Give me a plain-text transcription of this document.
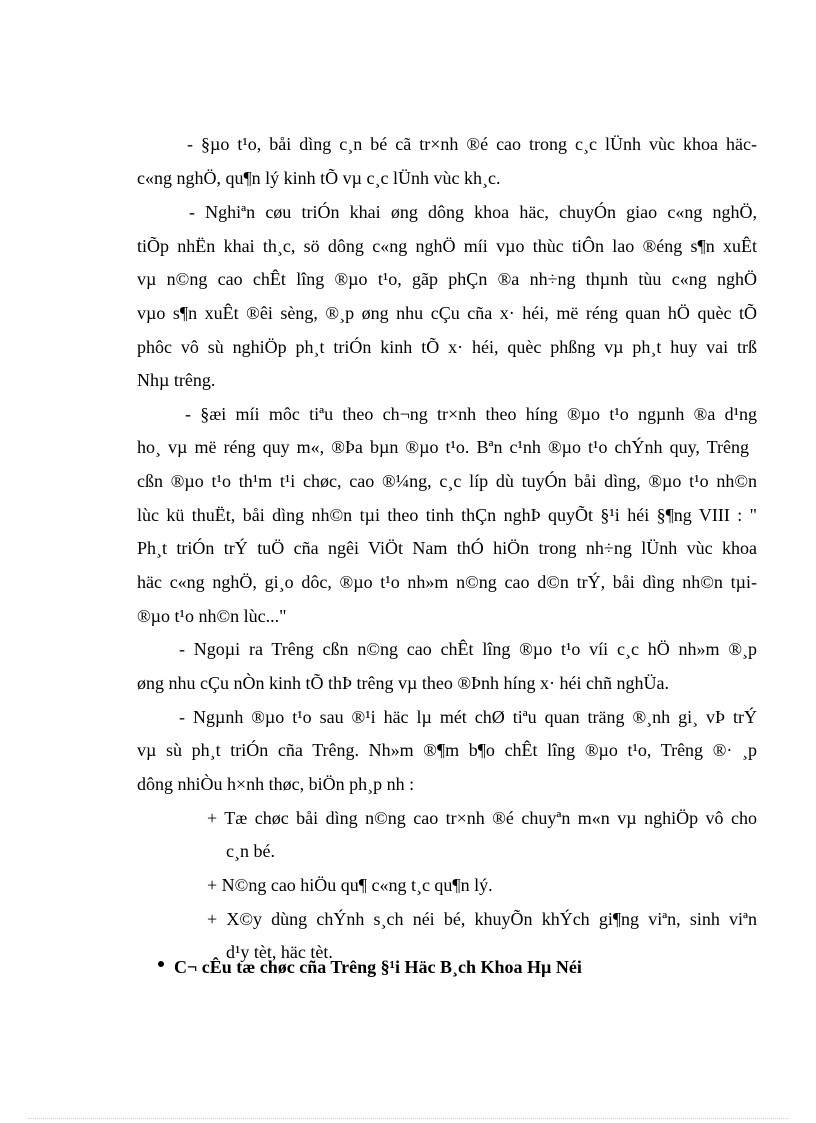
- §µo t¹o, båi dìng c¸n bé cã tr×nh ®é cao trong c¸c lÜnh vùc khoa häc-
c«ng nghÖ, qu¶n lý kinh tÕ vµ c¸c lÜnh vùc kh¸c.
- Nghiªn cøu triÓn khai øng dông khoa häc, chuyÓn giao c«ng nghÖ,
tiÕp nhËn khai th¸c, sö dông c«ng nghÖ míi vµo thùc tiÔn lao ®éng s¶n xuÊt
vµ n©ng cao chÊt lîng ®µo t¹o, gãp phÇn ®a nh÷ng thµnh tùu c«ng nghÖ
vµo s¶n xuÊt ®êi sèng, ®¸p øng nhu cÇu cña x· héi, më réng quan hÖ quèc tÕ
phôc vô sù nghiÖp ph¸t triÓn kinh tÕ x· héi, quèc phßng vµ ph¸t huy vai trß
Nhµ trêng.
- §æi míi môc tiªu theo ch¬ng tr×nh theo híng ®µo t¹o ngµnh ®a d¹ng
ho¸ vµ më réng quy m«, ®Þa bµn ®µo t¹o. Bªn c¹nh ®µo t¹o chÝnh quy, Trêng
cßn ®µo t¹o th¹m t¹i chøc, cao ®¼ng, c¸c líp dù tuyÓn båi dìng, ®µo t¹o nh©n
lùc kü thuËt, båi dìng nh©n tµi theo tinh thÇn nghÞ quyÕt §¹i héi §¶ng VIII : "
Ph¸t triÓn trÝ tuÖ cña ngêi ViÖt Nam thÓ hiÖn trong nh÷ng lÜnh vùc khoa
häc c«ng nghÖ, gi¸o dôc, ®µo t¹o nh»m n©ng cao d©n trÝ, båi dìng nh©n tµi-
®µo t¹o nh©n lùc..."
- Ngoµi ra Trêng cßn n©ng cao chÊt lîng ®µo t¹o víi c¸c hÖ nh»m ®¸p
øng nhu cÇu nÒn kinh tÕ thÞ trêng vµ theo ®Þnh híng x· héi chñ nghÜa.
- Ngµnh ®µo t¹o sau ®¹i häc lµ mét chØ tiªu quan träng ®¸nh gi¸ vÞ trÝ
vµ sù ph¸t triÓn cña Trêng. Nh»m ®¶m b¶o chÊt lîng ®µo t¹o, Trêng ®· ¸p
dông nhiÒu h×nh thøc, biÖn ph¸p nh :
+ Tæ chøc båi dìng n©ng cao tr×nh ®é chuyªn m«n vµ nghiÖp vô cho
c¸n bé.
+ N©ng cao hiÖu qu¶ c«ng t¸c qu¶n lý.
+ X©y dùng chÝnh s¸ch néi bé, khuyÕn khÝch gi¶ng viªn, sinh viªn
d¹y tèt, häc tèt.
C¬ cÊu tæ chøc cña Trêng §¹i Häc B¸ch Khoa Hµ Néi
